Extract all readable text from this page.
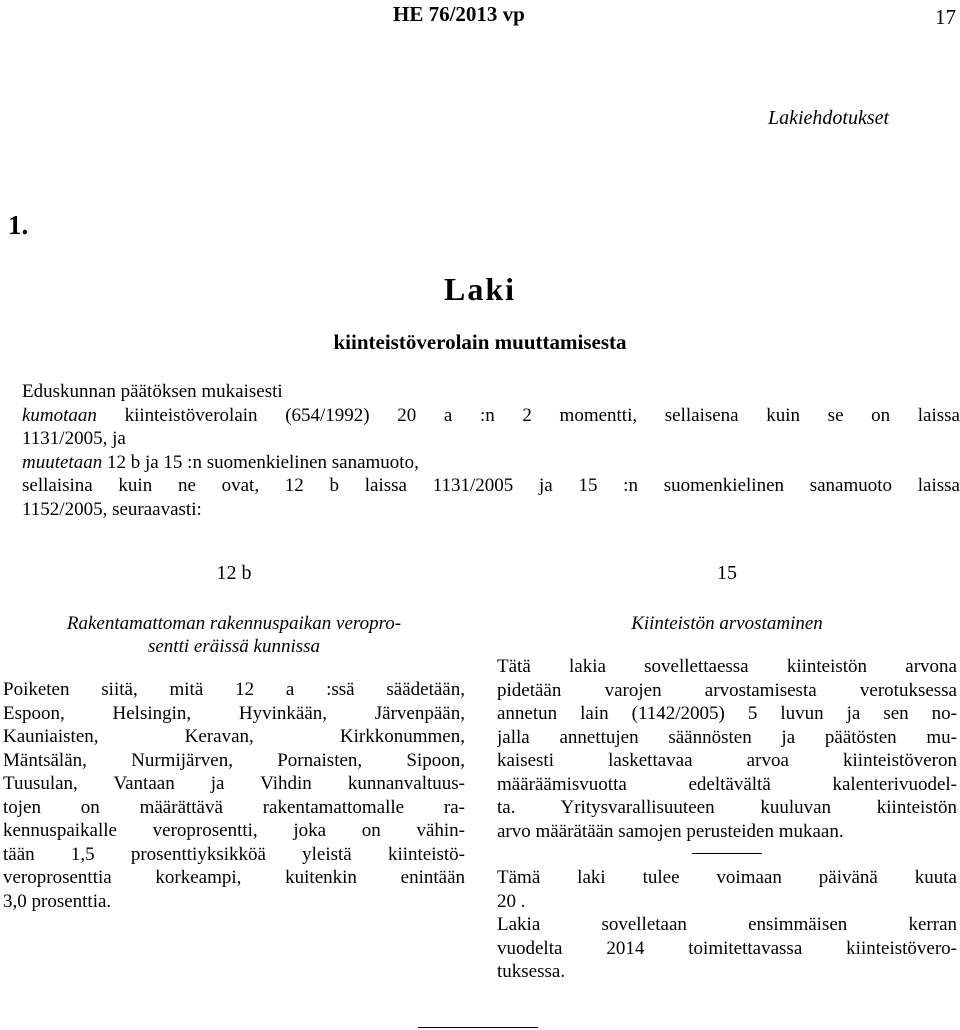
HE 76/2013 vp	17
Lakiehdotukset
1.
Laki
kiinteistöverolain muuttamisesta
Eduskunnan päätöksen mukaisesti
kumotaan kiinteistöverolain (654/1992) 20 a :n 2 momentti, sellaisena kuin se on laissa
1131/2005, ja
muutetaan 12 b ja 15 :n suomenkielinen sanamuoto,
sellaisina kuin ne ovat, 12 b laissa 1131/2005 ja 15 :n suomenkielinen sanamuoto laissa
1152/2005, seuraavasti:
12 b
Rakentamattoman rakennuspaikan veropro-
sentti eräissä kunnissa
Poiketen siitä, mitä 12 a :ssä säädetään,
Espoon, Helsingin, Hyvinkään, Järvenpään,
Kauniaisten, Keravan, Kirkkonummen,
Mäntsälän, Nurmijärven, Pornaisten, Sipoon,
Tuusulan, Vantaan ja Vihdin kunnanvaltuus-
tojen on määrättävä rakentamattomalle ra-
kennuspaikalle veroprosentti, joka on vähin-
tään 1,5 prosenttiyksikköä yleistä kiinteistö-
veroprosenttia korkeampi, kuitenkin enintään
3,0 prosenttia.
15
Kiinteistön arvostaminen
Tätä lakia sovellettaessa kiinteistön arvona
pidetään varojen arvostamisesta verotuksessa
annetun lain (1142/2005) 5 luvun ja sen no-
jalla annettujen säännösten ja päätösten mu-
kaisesti laskettavaa arvoa kiinteistöveron
määräämisvuotta edeltävältä kalenterivuodel-
ta. Yritysvarallisuuteen kuuluvan kiinteistön
arvo määrätään samojen perusteiden mukaan.
Tämä laki tulee voimaan päivänä kuuta
20 .
Lakia sovelletaan ensimmäisen kerran
vuodelta 2014 toimitettavassa kiinteistövero-
tuksessa.
